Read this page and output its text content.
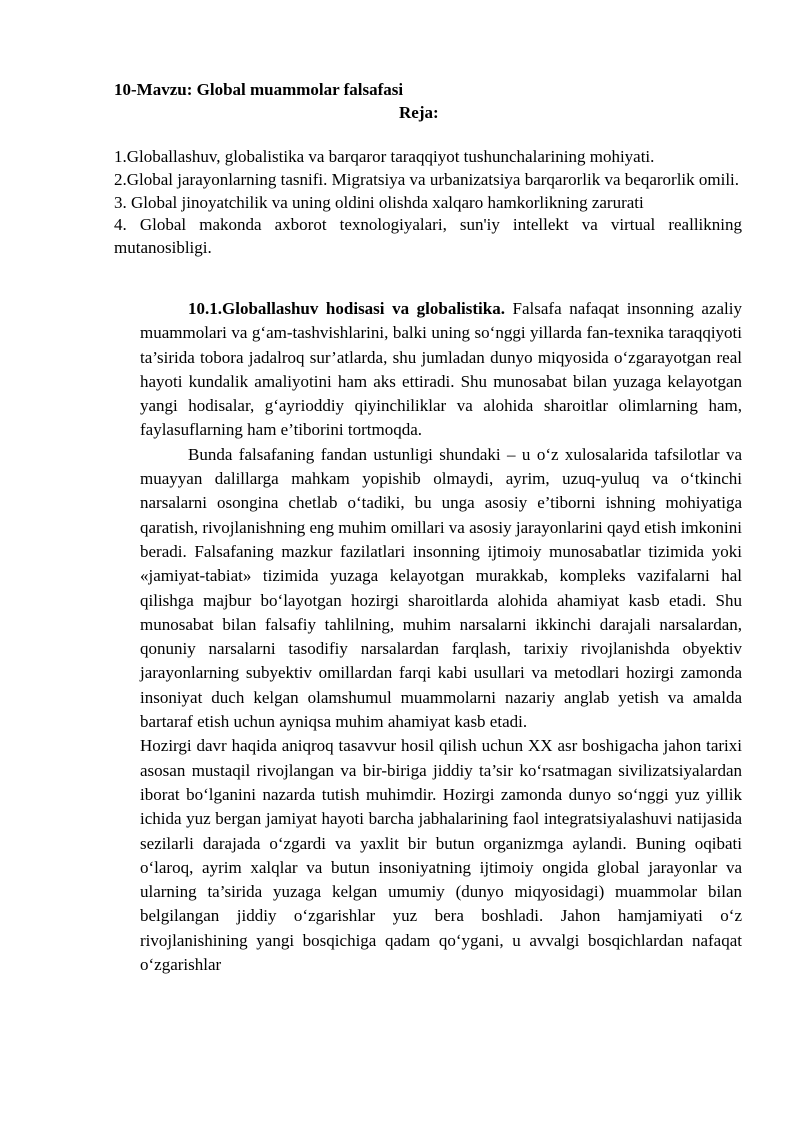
10-Mavzu: Global muammolar falsafasi

Reja:

1.Globallashuv, globalistika va barqaror taraqqiyot tushunchalarining mohiyati.

2.Global jarayonlarning tasnifi. Migratsiya va urbanizatsiya barqarorlik va beqarorlik omili.

3. Global jinoyatchilik va uning oldini olishda xalqaro hamkorlikning zarurati

4. Global makonda axborot texnologiyalari, sun'iy intellekt va virtual reallikning mutanosibligi.

10.1.Globallashuv hodisasi va globalistika. Falsafa nafaqat insonning azaliy muammolari va g‘am-tashvishlarini, balki uning so‘nggi yillarda fan-texnika taraqqiyoti ta’sirida tobora jadalroq sur’atlarda, shu jumladan dunyo miqyosida o‘zgarayotgan real hayoti kundalik amaliyotini ham aks ettiradi. Shu munosabat bilan yuzaga kelayotgan yangi hodisalar, g‘ayrioddiy qiyinchiliklar va alohida sharoitlar olimlarning ham, faylasuflarning ham e’tiborini tortmoqda.

Bunda falsafaning fandan ustunligi shundaki – u o‘z xulosalarida tafsilotlar va muayyan dalillarga mahkam yopishib olmaydi, ayrim, uzuq-yuluq va o‘tkinchi narsalarni osongina chetlab o‘tadiki, bu unga asosiy e’tiborni ishning mohiyatiga qaratish, rivojlanishning eng muhim omillari va asosiy jarayonlarini qayd etish imkonini beradi. Falsafaning mazkur fazilatlari insonning ijtimoiy munosabatlar tizimida yoki «jamiyat-tabiat» tizimida yuzaga kelayotgan murakkab, kompleks vazifalarni hal qilishga majbur bo‘layotgan hozirgi sharoitlarda alohida ahamiyat kasb etadi. Shu munosabat bilan falsafiy tahlilning, muhim narsalarni ikkinchi darajali narsalardan, qonuniy narsalarni tasodifiy narsalardan farqlash, tarixiy rivojlanishda obyektiv jarayonlarning subyektiv omillardan farqi kabi usullari va metodlari hozirgi zamonda insoniyat duch kelgan olamshumul muammolarni nazariy anglab yetish va amalda bartaraf etish uchun ayniqsa muhim ahamiyat kasb etadi.

Hozirgi davr haqida aniqroq tasavvur hosil qilish uchun XX asr boshigacha jahon tarixi asosan mustaqil rivojlangan va bir-biriga jiddiy ta’sir ko‘rsatmagan sivilizatsiyalardan iborat bo‘lganini nazarda tutish muhimdir. Hozirgi zamonda dunyo so‘nggi yuz yillik ichida yuz bergan jamiyat hayoti barcha jabhalarining faol integratsiyalashuvi natijasida sezilarli darajada o‘zgardi va yaxlit bir butun organizmga aylandi. Buning oqibati o‘laroq, ayrim xalqlar va butun insoniyatning ijtimoiy ongida global jarayonlar va ularning ta’sirida yuzaga kelgan umumiy (dunyo miqyosidagi) muammolar bilan belgilangan jiddiy o‘zgarishlar yuz bera boshladi. Jahon hamjamiyati o‘z rivojlanishining yangi bosqichiga qadam qo‘ygani, u avvalgi bosqichlardan nafaqat o‘zgarishlar
